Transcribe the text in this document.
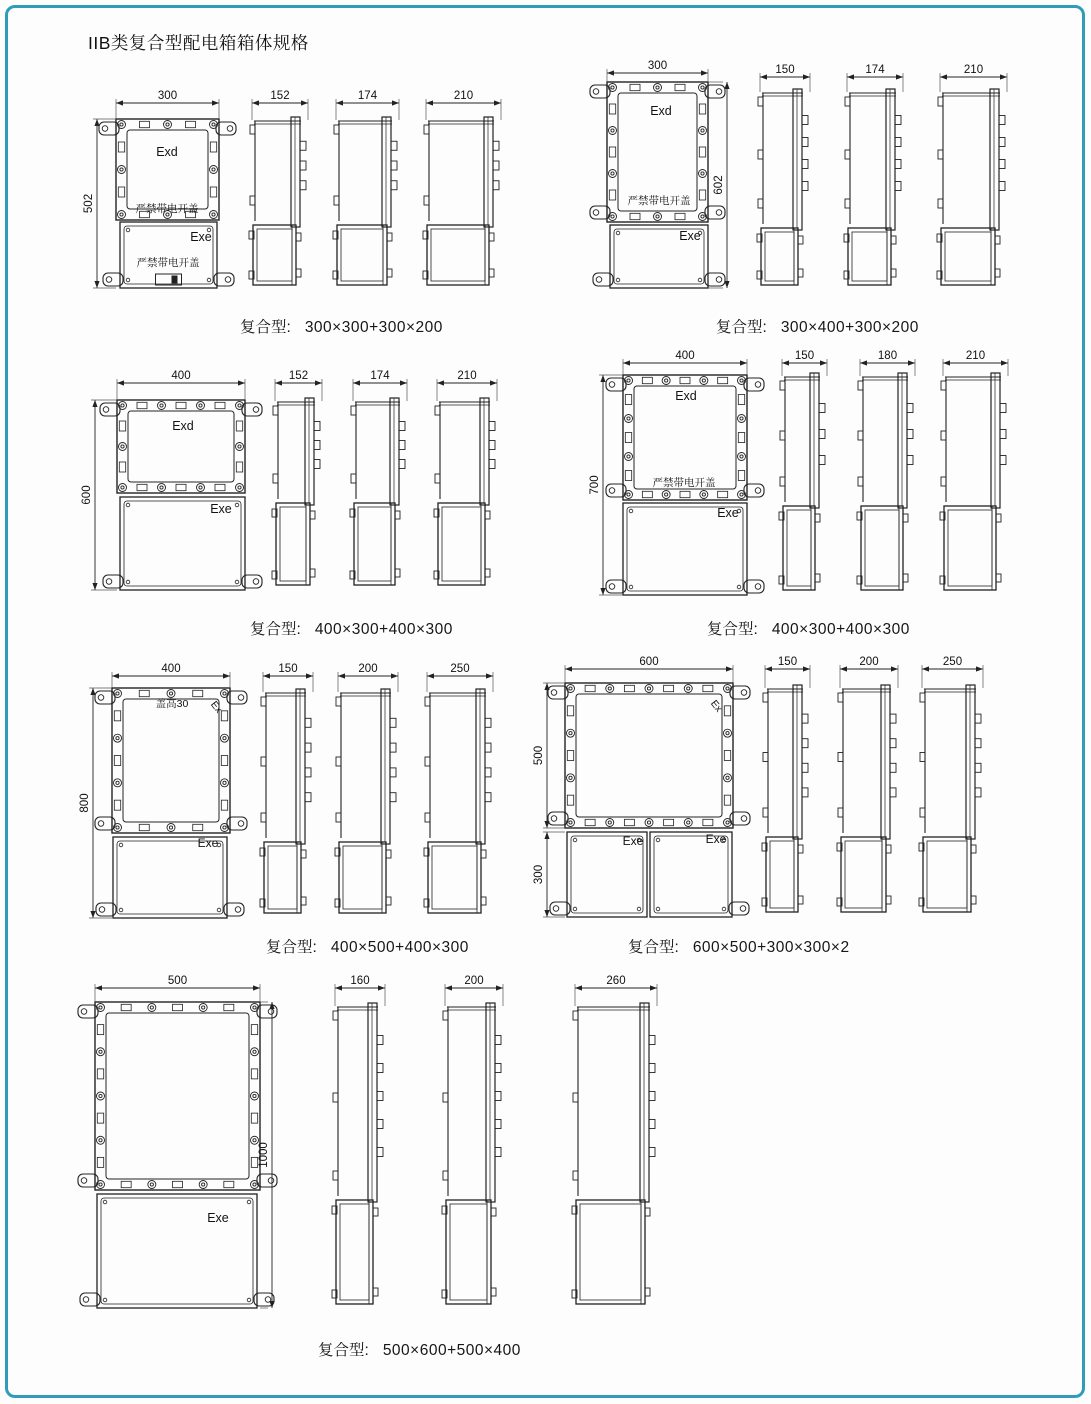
300
502
Exd
严禁带电开盖
Exe
严禁带电开盖
152	174	210
300
602
Exd
严禁带电开盖
Exe
150	174	210
400
600
Exd
Exe
152	174	210
400
700
Exd
严禁带电开盖
Exe
150	180	210
400
800
盖高30 Ex
Exe
150	200	250
600
500
300
Ex
Exe	Exe
150	200	250
500
1000
Exe
160	200	260
IIB类复合型配电箱箱体规格
复合型: 300×300+300×200	复合型: 300×400+300×200
复合型: 400×300+400×300	复合型: 400×300+400×300
复合型: 400×500+400×300	复合型: 600×500+300×300×2
复合型: 500×600+500×400
